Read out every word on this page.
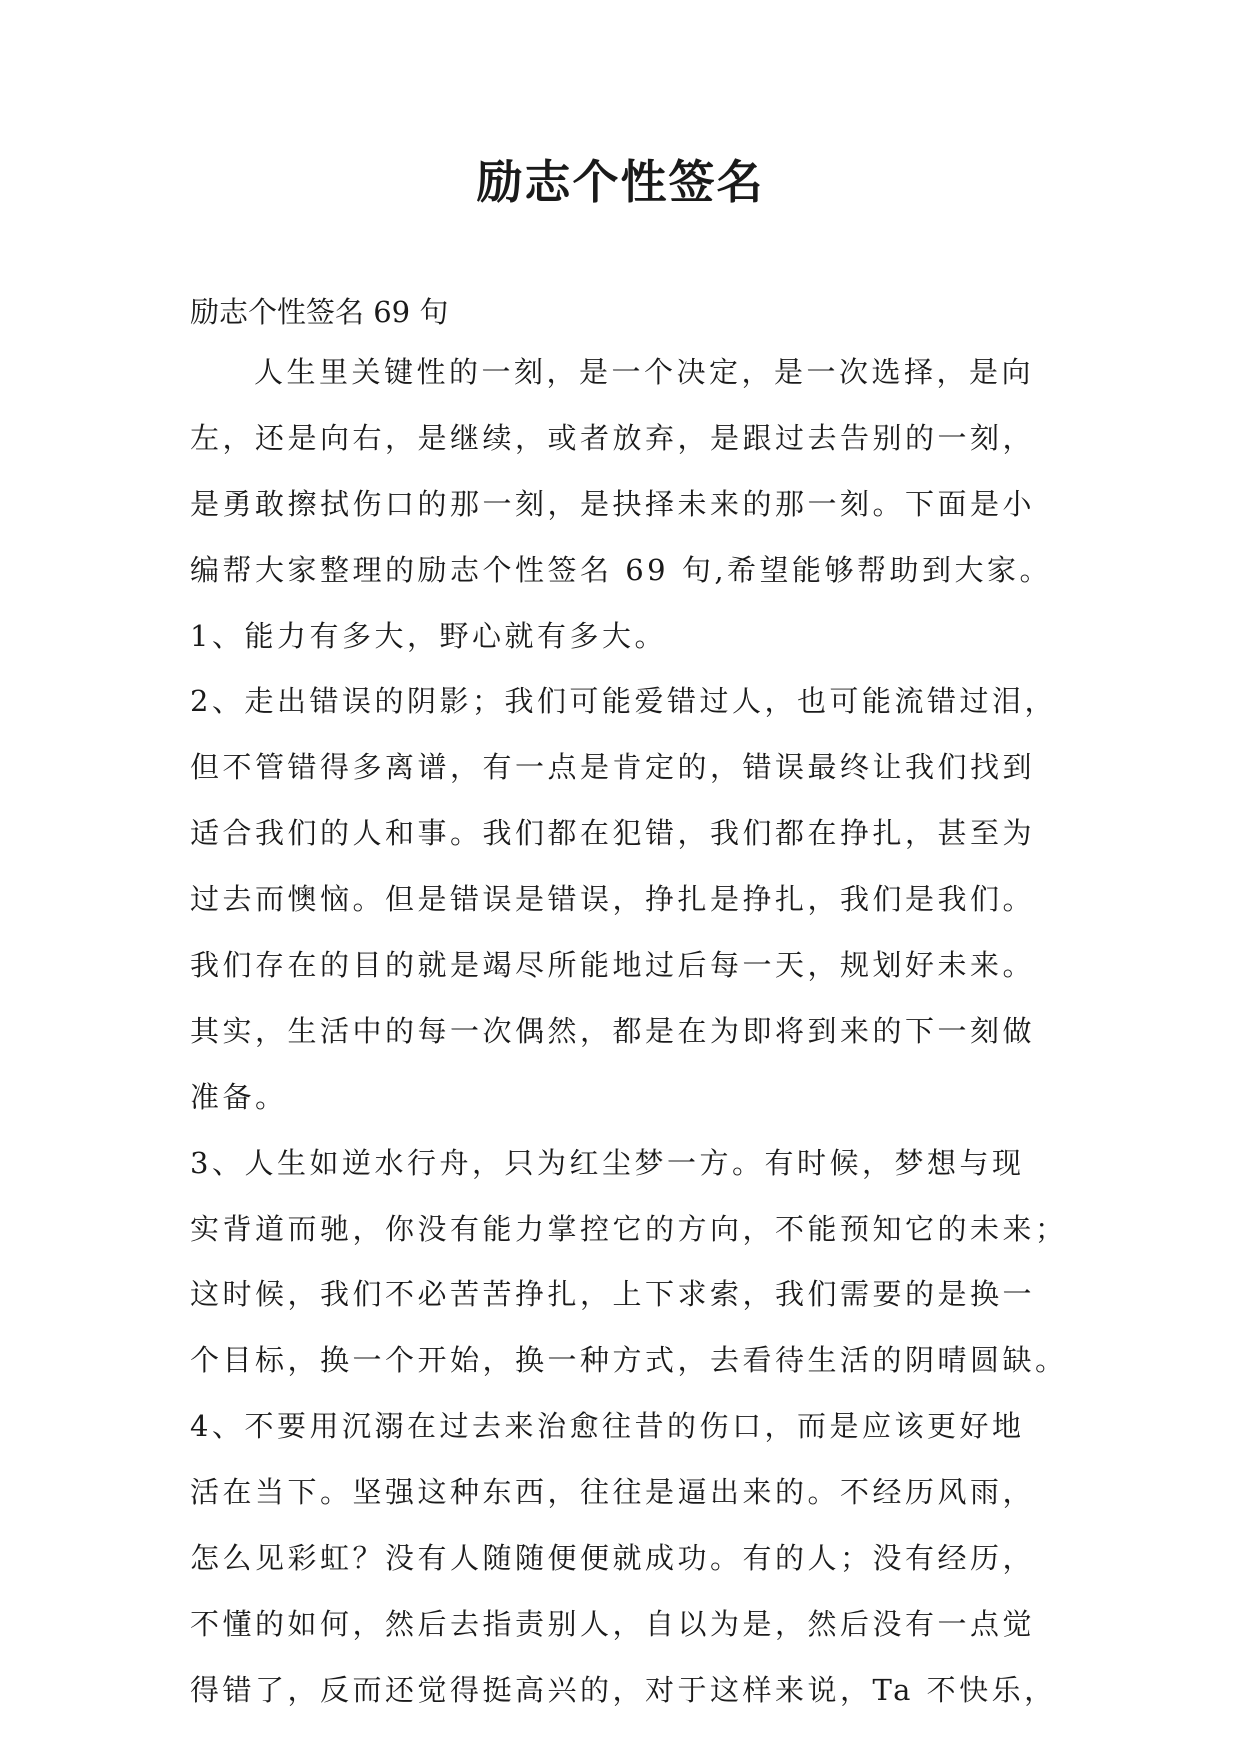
励志个性签名
励志个性签名 69 句
人生里关键性的一刻，是一个决定，是一次选择，是向
左，还是向右，是继续，或者放弃，是跟过去告别的一刻，
是勇敢擦拭伤口的那一刻，是抉择未来的那一刻。下面是小
编帮大家整理的励志个性签名 69 句,希望能够帮助到大家。
1、能力有多大，野心就有多大。
2、走出错误的阴影；我们可能爱错过人，也可能流错过泪，
但不管错得多离谱，有一点是肯定的，错误最终让我们找到
适合我们的人和事。我们都在犯错，我们都在挣扎，甚至为
过去而懊恼。但是错误是错误，挣扎是挣扎，我们是我们。
我们存在的目的就是竭尽所能地过后每一天，规划好未来。
其实，生活中的每一次偶然，都是在为即将到来的下一刻做
准备。
3、人生如逆水行舟，只为红尘梦一方。有时候，梦想与现
实背道而驰，你没有能力掌控它的方向，不能预知它的未来；
这时候，我们不必苦苦挣扎，上下求索，我们需要的是换一
个目标，换一个开始，换一种方式，去看待生活的阴晴圆缺。
4、不要用沉溺在过去来治愈往昔的伤口，而是应该更好地
活在当下。坚强这种东西，往往是逼出来的。不经历风雨，
怎么见彩虹？没有人随随便便就成功。有的人；没有经历，
不懂的如何，然后去指责别人，自以为是，然后没有一点觉
得错了，反而还觉得挺高兴的，对于这样来说，Ta 不快乐，
